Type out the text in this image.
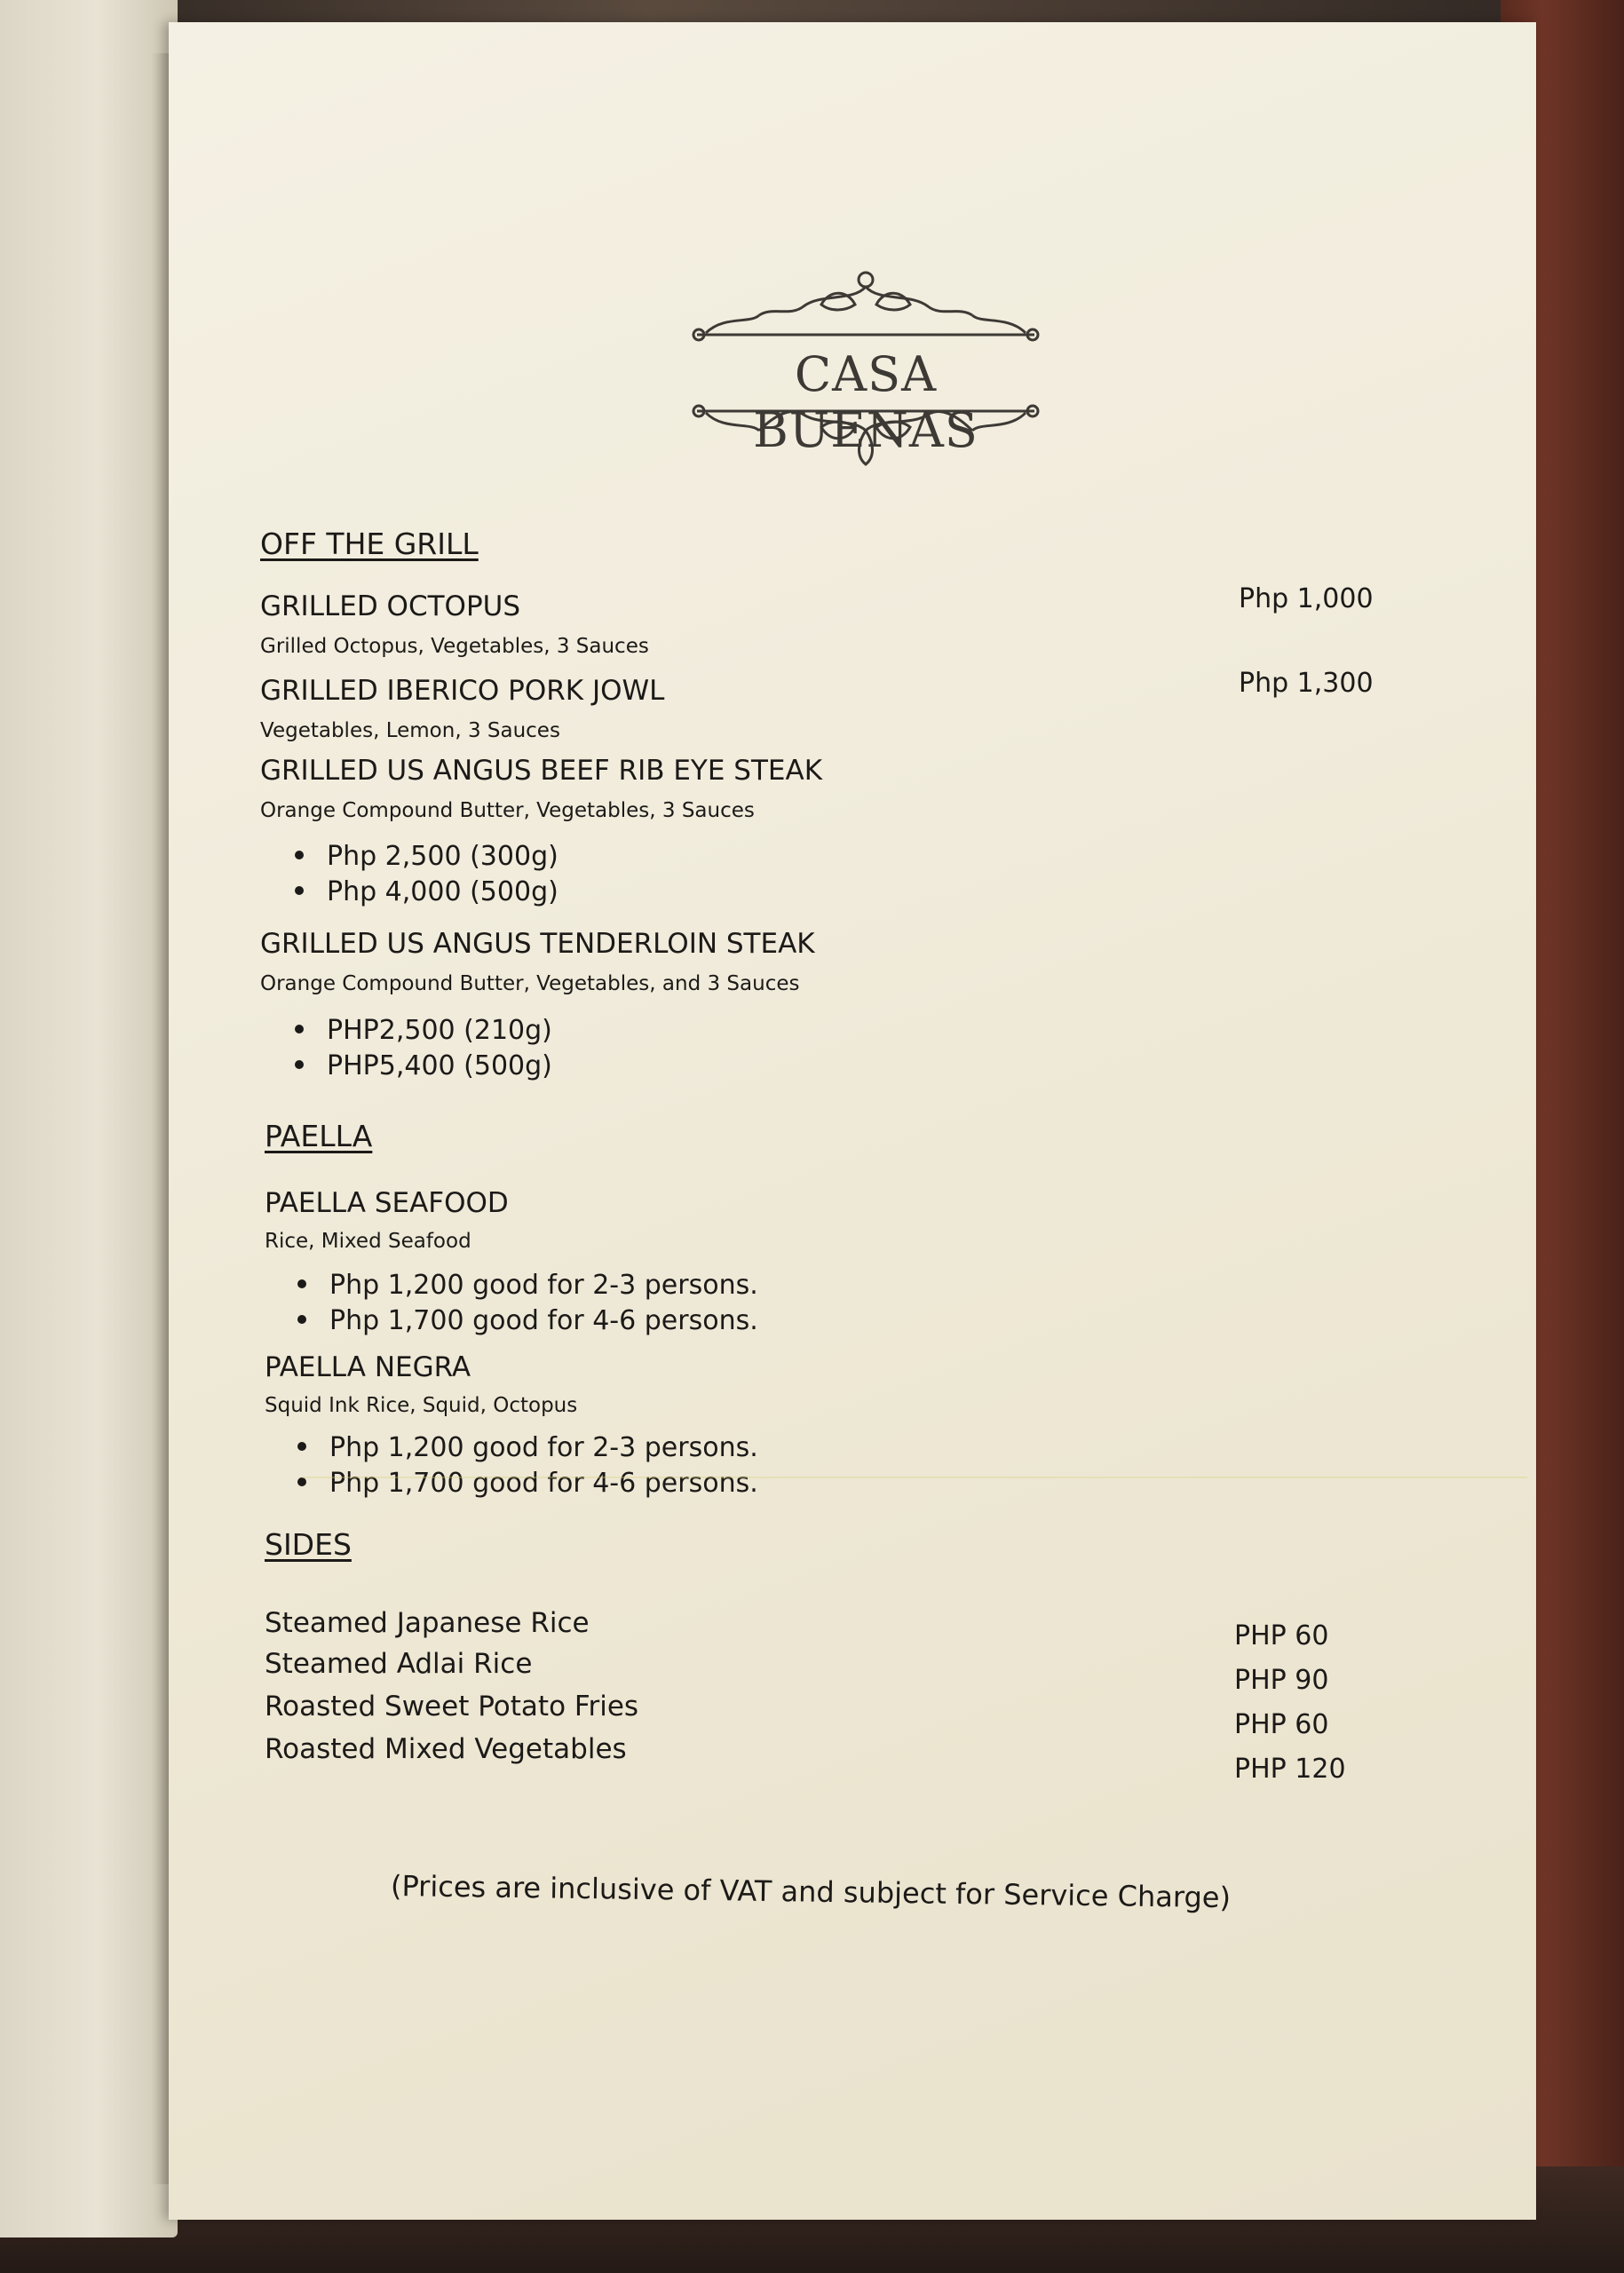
CASA BUENAS
OFF THE GRILL
GRILLED OCTOPUS
Grilled Octopus, Vegetables, 3 Sauces
Php 1,000
GRILLED IBERICO PORK JOWL
Vegetables, Lemon, 3 Sauces
Php 1,300
GRILLED US ANGUS BEEF RIB EYE STEAK
Orange Compound Butter, Vegetables, 3 Sauces
Php 2,500 (300g)
Php 4,000 (500g)
GRILLED US ANGUS TENDERLOIN STEAK
Orange Compound Butter, Vegetables, and 3 Sauces
PHP2,500 (210g)
PHP5,400 (500g)
PAELLA
PAELLA SEAFOOD
Rice, Mixed Seafood
Php 1,200 good for 2-3 persons.
Php 1,700 good for 4-6 persons.
PAELLA NEGRA
Squid Ink Rice, Squid, Octopus
Php 1,200 good for 2-3 persons.
Php 1,700 good for 4-6 persons.
SIDES
Steamed Japanese Rice
Steamed Adlai Rice
Roasted Sweet Potato Fries
Roasted Mixed Vegetables
PHP 60
PHP 90
PHP 60
PHP 120
(Prices are inclusive of VAT and subject for Service Charge)
